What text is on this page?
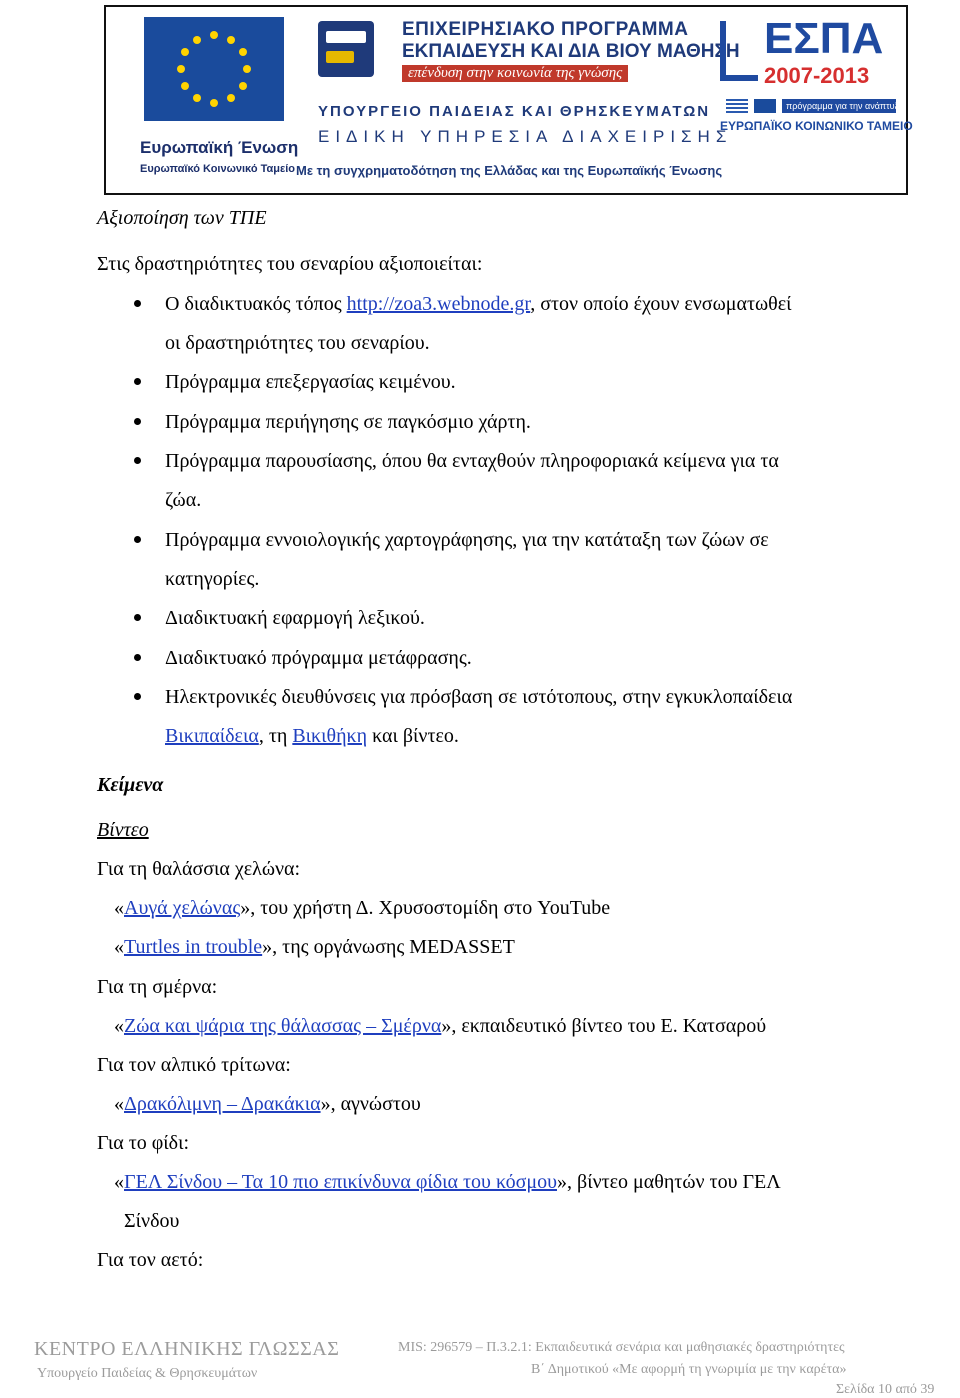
Ευρωπαϊκή Ένωση
Ευρωπαϊκό Κοινωνικό Ταμείο
ΕΠΙΧΕΙΡΗΣΙΑΚΟ ΠΡΟΓΡΑΜΜΑ
ΕΚΠΑΙΔΕΥΣΗ ΚΑΙ ΔΙΑ ΒΙΟΥ ΜΑΘΗΣΗ
επένδυση στην κοινωνία της γνώσης
ΥΠΟΥΡΓΕΙΟ ΠΑΙΔΕΙΑΣ ΚΑΙ ΘΡΗΣΚΕΥΜΑΤΩΝ
ΕΙΔΙΚΗ ΥΠΗΡΕΣΙΑ ΔΙΑΧΕΙΡΙΣΗΣ
Με τη συγχρηματοδότηση της Ελλάδας και της Ευρωπαϊκής Ένωσης
ΕΣΠΑ
2007-2013
πρόγραμμα για την ανάπτυξη
ΕΥΡΩΠΑΪΚΟ ΚΟΙΝΩΝΙΚΟ ΤΑΜΕΙΟ
Αξιοποίηση των ΤΠΕ
Στις δραστηριότητες του σεναρίου αξιοποιείται:
Ο διαδικτυακός τόπος http://zoa3.webnode.gr, στον οποίο έχουν ενσωματωθεί
οι δραστηριότητες του σεναρίου.
Πρόγραμμα επεξεργασίας κειμένου.
Πρόγραμμα περιήγησης σε παγκόσμιο χάρτη.
Πρόγραμμα παρουσίασης, όπου θα ενταχθούν πληροφοριακά κείμενα για τα
ζώα.
Πρόγραμμα εννοιολογικής χαρτογράφησης, για την κατάταξη των ζώων σε
κατηγορίες.
Διαδικτυακή εφαρμογή λεξικού.
Διαδικτυακό πρόγραμμα μετάφρασης.
Ηλεκτρονικές διευθύνσεις για πρόσβαση σε ιστότοπους, στην εγκυκλοπαίδεια
Βικιπαίδεια, τη Βικιθήκη και βίντεο.
Κείμενα
Βίντεο
Για τη θαλάσσια χελώνα:
«Αυγά χελώνας», του χρήστη Δ. Χρυσοστομίδη στο YouTube
«Turtles in trouble», της οργάνωσης MEDASSET
Για τη σμέρνα:
«Ζώα και ψάρια της θάλασσας – Σμέρνα», εκπαιδευτικό βίντεο του Ε. Κατσαρού
Για τον αλπικό τρίτωνα:
«Δρακόλιμνη – Δρακάκια», αγνώστου
Για το φίδι:
«ΓΕΛ Σίνδου – Τα 10 πιο επικίνδυνα φίδια του κόσμου», βίντεο μαθητών του ΓΕΛ
Σίνδου
Για τον αετό:
ΚΕΝΤΡΟ ΕΛΛΗΝΙΚΗΣ ΓΛΩΣΣΑΣ
Υπουργείο Παιδείας & Θρησκευμάτων
MIS: 296579 – Π.3.2.1: Εκπαιδευτικά σενάρια και μαθησιακές δραστηριότητες
Β΄ Δημοτικού «Με αφορμή τη γνωριμία με την καρέτα»
Σελίδα 10 από 39
